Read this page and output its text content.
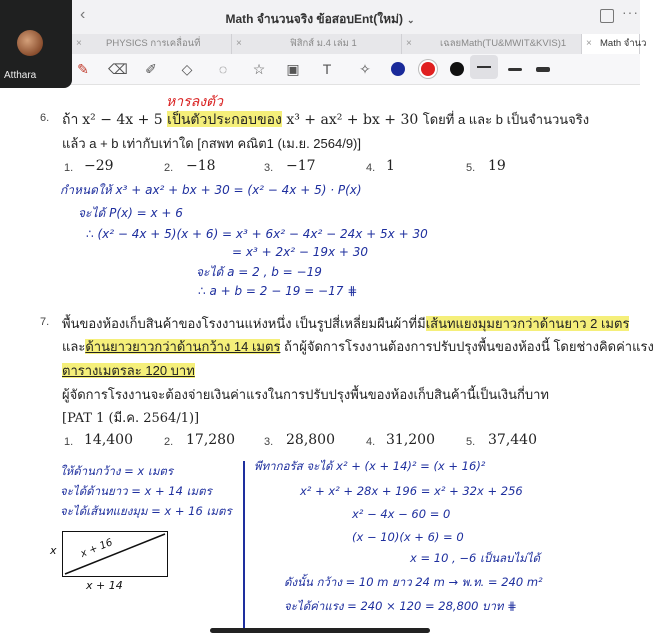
‹	Math จำนวนจริง ข้อสอบEnt(ใหม่) ⌄	···
×	PHYSICS การเคลื่อนที่	×	ฟิสิกส์ ม.4 เล่ม 1	×	เฉลยMath(TU&MWIT&KVIS)1	× Math จำนว
✎ ⌫ ✐ ◇	◌	☆ ▣	T	✧
Atthara
6.
หารลงตัว
ถ้า x² − 4x + 5 เป็นตัวประกอบของ x³ + ax² + bx + 30 โดยที่ a และ b เป็นจำนวนจริง
แล้ว a + b เท่ากับเท่าใด [กสพท คณิต1 (เม.ย. 2564/9)]
1. −29	2. −18	3. −17	4. 1	5. 19
กำหนดให้ x³ + ax² + bx + 30 = (x² − 4x + 5) · P(x)
จะได้ P(x) = x + 6
∴ (x² − 4x + 5)(x + 6) = x³ + 6x² − 4x² − 24x + 5x + 30
= x³ + 2x² − 19x + 30
จะได้ a = 2 , b = −19
∴ a + b = 2 − 19 = −17 ⋕
7. พื้นของห้องเก็บสินค้าของโรงงานแห่งหนึ่ง เป็นรูปสี่เหลี่ยมผืนผ้าที่มีเส้นทแยงมุมยาวกว่าด้านยาว 2 เมตร
และด้านยาวยาวกว่าด้านกว้าง 14 เมตร ถ้าผู้จัดการโรงงานต้องการปรับปรุงพื้นของห้องนี้ โดยช่างคิดค่าแรง
ตารางเมตรละ 120 บาท
ผู้จัดการโรงงานจะต้องจ่ายเงินค่าแรงในการปรับปรุงพื้นของห้องเก็บสินค้านี้เป็นเงินกี่บาท
[PAT 1 (มี.ค. 2564/1)]
1. 14,400	2. 17,280	3. 28,800	4. 31,200	5. 37,440
ให้ด้านกว้าง = x เมตร
จะได้ด้านยาว = x + 14 เมตร
จะได้เส้นทแยงมุม = x + 16 เมตร
พีทากอรัส จะได้ x² + (x + 14)² = (x + 16)²
x² + x² + 28x + 196 = x² + 32x + 256
x² − 4x − 60 = 0
(x − 10)(x + 6) = 0
x = 10 , −6 เป็นลบไม่ได้
ดังนั้น กว้าง = 10 m ยาว 24 m → พ.ท. = 240 m²
จะได้ค่าแรง = 240 × 120 = 28,800 บาท ⋕
x x + 16
x + 14
